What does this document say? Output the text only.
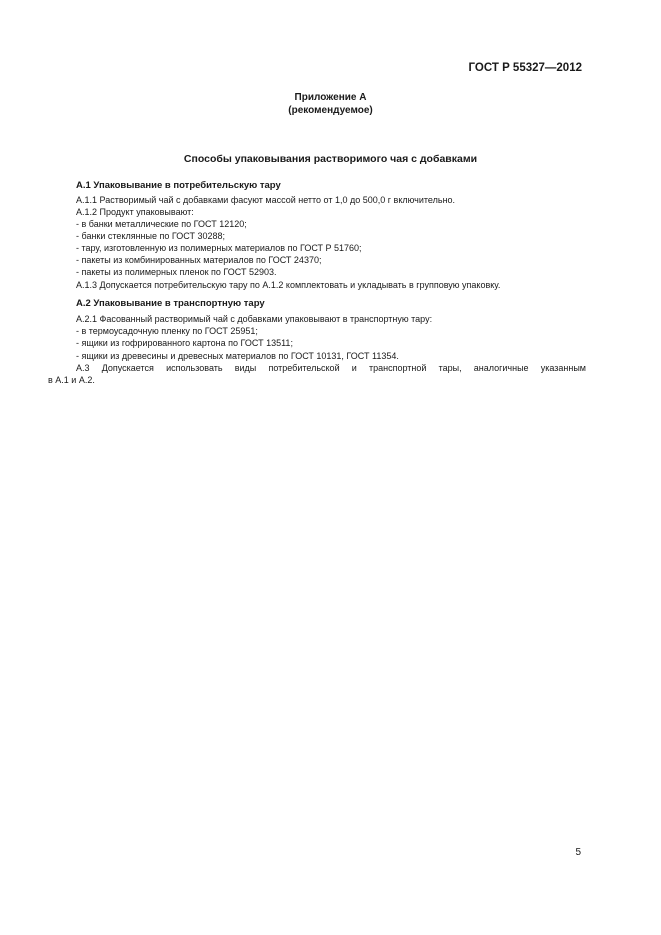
ГОСТ Р 55327—2012
Приложение А
(рекомендуемое)
Способы упаковывания растворимого чая с добавками
А.1 Упаковывание в потребительскую тару
А.1.1 Растворимый чай с добавками фасуют массой нетто от 1,0 до 500,0 г включительно.
А.1.2 Продукт упаковывают:
- в банки металлические по ГОСТ 12120;
- банки стеклянные по ГОСТ 30288;
- тару, изготовленную из полимерных материалов по ГОСТ Р 51760;
- пакеты из комбинированных материалов по ГОСТ 24370;
- пакеты из полимерных пленок по ГОСТ 52903.
А.1.3 Допускается потребительскую тару по А.1.2 комплектовать и укладывать в групповую упаковку.
А.2 Упаковывание в транспортную тару
А.2.1 Фасованный растворимый чай с добавками упаковывают в транспортную тару:
- в термоусадочную пленку по ГОСТ 25951;
- ящики из гофрированного картона по ГОСТ 13511;
- ящики из древесины и древесных материалов по ГОСТ 10131, ГОСТ 11354.
А.3 Допускается использовать виды потребительской и транспортной тары, аналогичные указанным
в А.1 и А.2.
5
